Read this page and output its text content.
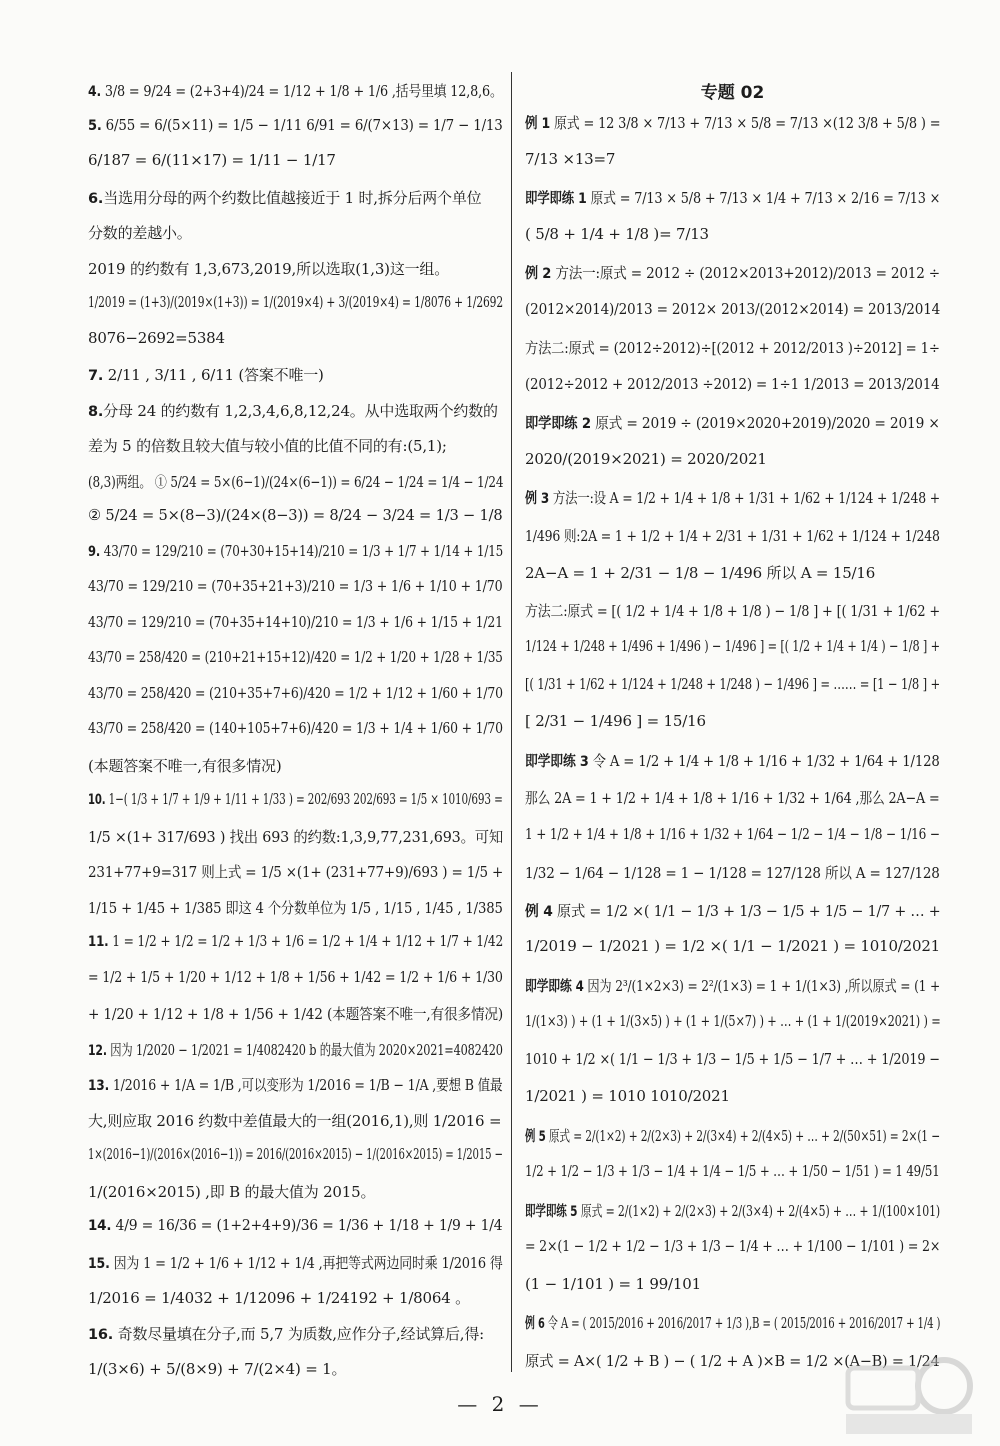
4. 3/8 = 9/24 = (2+3+4)/24 = 1/12 + 1/8 + 1/6 ,括号里填 12,8,6。
5. 6/55 = 6/(5×11) = 1/5 − 1/11 6/91 = 6/(7×13) = 1/7 − 1/13
6/187 = 6/(11×17) = 1/11 − 1/17
6.当选用分母的两个约数比值越接近于 1 时,拆分后两个单位
分数的差越小。
2019 的约数有 1,3,673,2019,所以选取(1,3)这一组。
1/2019 = (1+3)/(2019×(1+3)) = 1/(2019×4) + 3/(2019×4) = 1/8076 + 1/2692
8076−2692=5384
7. 2/11 , 3/11 , 6/11 (答案不唯一)
8.分母 24 的约数有 1,2,3,4,6,8,12,24。从中选取两个约数的
差为 5 的倍数且较大值与较小值的比值不同的有:(5,1);
(8,3)两组。 ① 5/24 = 5×(6−1)/(24×(6−1)) = 6/24 − 1/24 = 1/4 − 1/24
② 5/24 = 5×(8−3)/(24×(8−3)) = 8/24 − 3/24 = 1/3 − 1/8
9. 43/70 = 129/210 = (70+30+15+14)/210 = 1/3 + 1/7 + 1/14 + 1/15
43/70 = 129/210 = (70+35+21+3)/210 = 1/3 + 1/6 + 1/10 + 1/70
43/70 = 129/210 = (70+35+14+10)/210 = 1/3 + 1/6 + 1/15 + 1/21
43/70 = 258/420 = (210+21+15+12)/420 = 1/2 + 1/20 + 1/28 + 1/35
43/70 = 258/420 = (210+35+7+6)/420 = 1/2 + 1/12 + 1/60 + 1/70
43/70 = 258/420 = (140+105+7+6)/420 = 1/3 + 1/4 + 1/60 + 1/70
(本题答案不唯一,有很多情况)
10. 1−( 1/3 + 1/7 + 1/9 + 1/11 + 1/33 ) = 202/693 202/693 = 1/5 × 1010/693 =
1/5 ×(1+ 317/693 ) 找出 693 的约数:1,3,9,77,231,693。可知
231+77+9=317 则上式 = 1/5 ×(1+ (231+77+9)/693 ) = 1/5 +
1/15 + 1/45 + 1/385 即这 4 个分数单位为 1/5 , 1/15 , 1/45 , 1/385
11. 1 = 1/2 + 1/2 = 1/2 + 1/3 + 1/6 = 1/2 + 1/4 + 1/12 + 1/7 + 1/42
= 1/2 + 1/5 + 1/20 + 1/12 + 1/8 + 1/56 + 1/42 = 1/2 + 1/6 + 1/30
+ 1/20 + 1/12 + 1/8 + 1/56 + 1/42 (本题答案不唯一,有很多情况)
12. 因为 1/2020 − 1/2021 = 1/4082420 b 的最大值为 2020×2021=4082420
13. 1/2016 + 1/A = 1/B ,可以变形为 1/2016 = 1/B − 1/A ,要想 B 值最
大,则应取 2016 约数中差值最大的一组(2016,1),则 1/2016 =
1×(2016−1)/(2016×(2016−1)) = 2016/(2016×2015) − 1/(2016×2015) = 1/2015 −
1/(2016×2015) ,即 B 的最大值为 2015。
14. 4/9 = 16/36 = (1+2+4+9)/36 = 1/36 + 1/18 + 1/9 + 1/4
15. 因为 1 = 1/2 + 1/6 + 1/12 + 1/4 ,再把等式两边同时乘 1/2016 得
1/2016 = 1/4032 + 1/12096 + 1/24192 + 1/8064 。
16. 奇数尽量填在分子,而 5,7 为质数,应作分子,经试算后,得:
1/(3×6) + 5/(8×9) + 7/(2×4) = 1。
专题 02
例 1 原式 = 12 3/8 × 7/13 + 7/13 × 5/8 = 7/13 ×(12 3/8 + 5/8 ) =
7/13 ×13=7
即学即练 1 原式 = 7/13 × 5/8 + 7/13 × 1/4 + 7/13 × 2/16 = 7/13 ×
( 5/8 + 1/4 + 1/8 )= 7/13
例 2 方法一:原式 = 2012 ÷ (2012×2013+2012)/2013 = 2012 ÷
(2012×2014)/2013 = 2012× 2013/(2012×2014) = 2013/2014
方法二:原式 = (2012÷2012)÷[(2012 + 2012/2013 )÷2012] = 1÷
(2012÷2012 + 2012/2013 ÷2012) = 1÷1 1/2013 = 2013/2014
即学即练 2 原式 = 2019 ÷ (2019×2020+2019)/2020 = 2019 ×
2020/(2019×2021) = 2020/2021
例 3 方法一:设 A = 1/2 + 1/4 + 1/8 + 1/31 + 1/62 + 1/124 + 1/248 +
1/496 则:2A = 1 + 1/2 + 1/4 + 2/31 + 1/31 + 1/62 + 1/124 + 1/248
2A−A = 1 + 2/31 − 1/8 − 1/496 所以 A = 15/16
方法二:原式 = [( 1/2 + 1/4 + 1/8 + 1/8 ) − 1/8 ] + [( 1/31 + 1/62 +
1/124 + 1/248 + 1/496 + 1/496 ) − 1/496 ] = [( 1/2 + 1/4 + 1/4 ) − 1/8 ] +
[( 1/31 + 1/62 + 1/124 + 1/248 + 1/248 ) − 1/496 ] = …… = [1 − 1/8 ] +
[ 2/31 − 1/496 ] = 15/16
即学即练 3 令 A = 1/2 + 1/4 + 1/8 + 1/16 + 1/32 + 1/64 + 1/128
那么 2A = 1 + 1/2 + 1/4 + 1/8 + 1/16 + 1/32 + 1/64 ,那么 2A−A =
1 + 1/2 + 1/4 + 1/8 + 1/16 + 1/32 + 1/64 − 1/2 − 1/4 − 1/8 − 1/16 −
1/32 − 1/64 − 1/128 = 1 − 1/128 = 127/128 所以 A = 127/128
例 4 原式 = 1/2 ×( 1/1 − 1/3 + 1/3 − 1/5 + 1/5 − 1/7 + … +
1/2019 − 1/2021 ) = 1/2 ×( 1/1 − 1/2021 ) = 1010/2021
即学即练 4 因为 2³/(1×2×3) = 2²/(1×3) = 1 + 1/(1×3) ,所以原式 = (1 +
1/(1×3) ) + (1 + 1/(3×5) ) + (1 + 1/(5×7) ) + … + (1 + 1/(2019×2021) ) =
1010 + 1/2 ×( 1/1 − 1/3 + 1/3 − 1/5 + 1/5 − 1/7 + … + 1/2019 −
1/2021 ) = 1010 1010/2021
例 5 原式 = 2/(1×2) + 2/(2×3) + 2/(3×4) + 2/(4×5) + … + 2/(50×51) = 2×(1 −
1/2 + 1/2 − 1/3 + 1/3 − 1/4 + 1/4 − 1/5 + … + 1/50 − 1/51 ) = 1 49/51
即学即练 5 原式 = 2/(1×2) + 2/(2×3) + 2/(3×4) + 2/(4×5) + … + 1/(100×101)
= 2×(1 − 1/2 + 1/2 − 1/3 + 1/3 − 1/4 + … + 1/100 − 1/101 ) = 2×
(1 − 1/101 ) = 1 99/101
例 6 令 A = ( 2015/2016 + 2016/2017 + 1/3 ),B = ( 2015/2016 + 2016/2017 + 1/4 )
原式 = A×( 1/2 + B ) − ( 1/2 + A )×B = 1/2 ×(A−B) = 1/24
— 2 —
